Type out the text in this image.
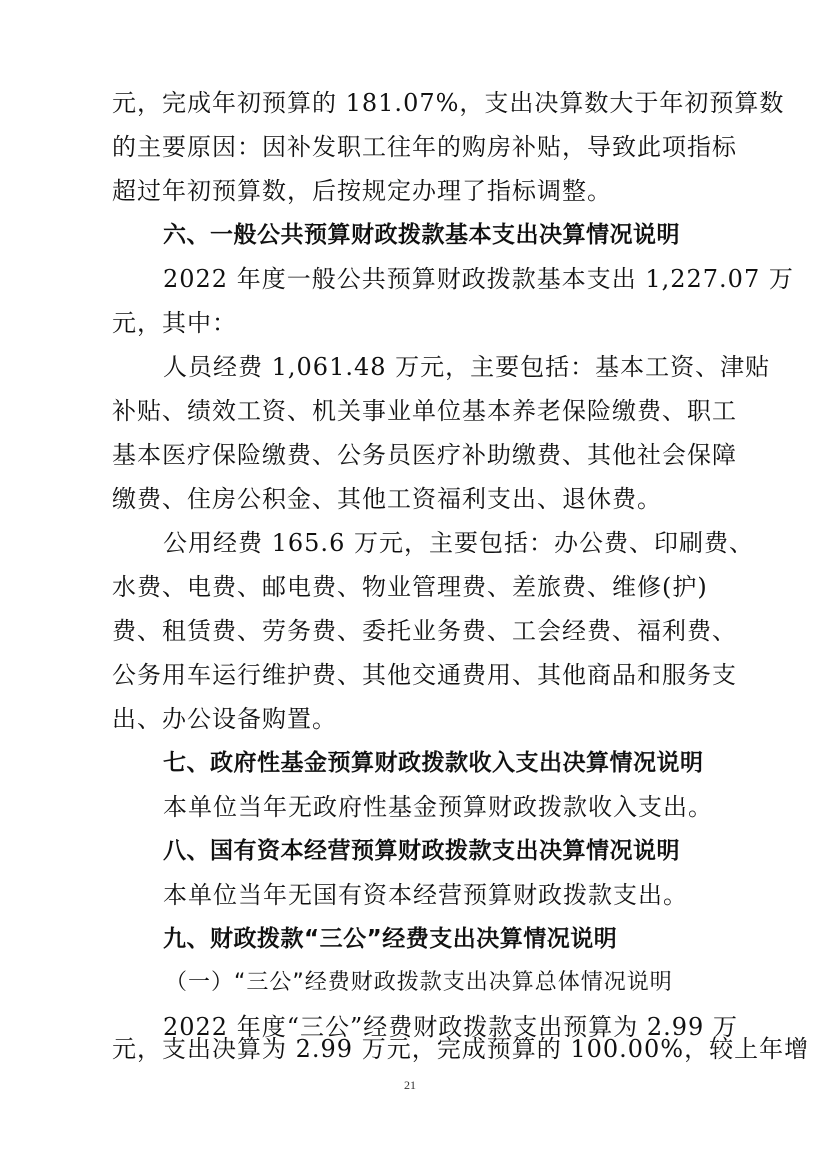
元，完成年初预算的 181.07%，支出决算数大于年初预算数
的主要原因：因补发职工往年的购房补贴，导致此项指标
超过年初预算数，后按规定办理了指标调整。
六、一般公共预算财政拨款基本支出决算情况说明
2022 年度一般公共预算财政拨款基本支出 1,227.07 万
元，其中：
人员经费 1,061.48 万元，主要包括：基本工资、津贴
补贴、绩效工资、机关事业单位基本养老保险缴费、职工
基本医疗保险缴费、公务员医疗补助缴费、其他社会保障
缴费、住房公积金、其他工资福利支出、退休费。
公用经费 165.6 万元，主要包括：办公费、印刷费、
水费、电费、邮电费、物业管理费、差旅费、维修(护)
费、租赁费、劳务费、委托业务费、工会经费、福利费、
公务用车运行维护费、其他交通费用、其他商品和服务支
出、办公设备购置。
七、政府性基金预算财政拨款收入支出决算情况说明
本单位当年无政府性基金预算财政拨款收入支出。
八、国有资本经营预算财政拨款支出决算情况说明
本单位当年无国有资本经营预算财政拨款支出。
九、财政拨款“三公”经费支出决算情况说明
（一）“三公”经费财政拨款支出决算总体情况说明
2022 年度“三公”经费财政拨款支出预算为 2.99 万
21
元，支出决算为 2.99 万元，完成预算的 100.00%，较上年增
